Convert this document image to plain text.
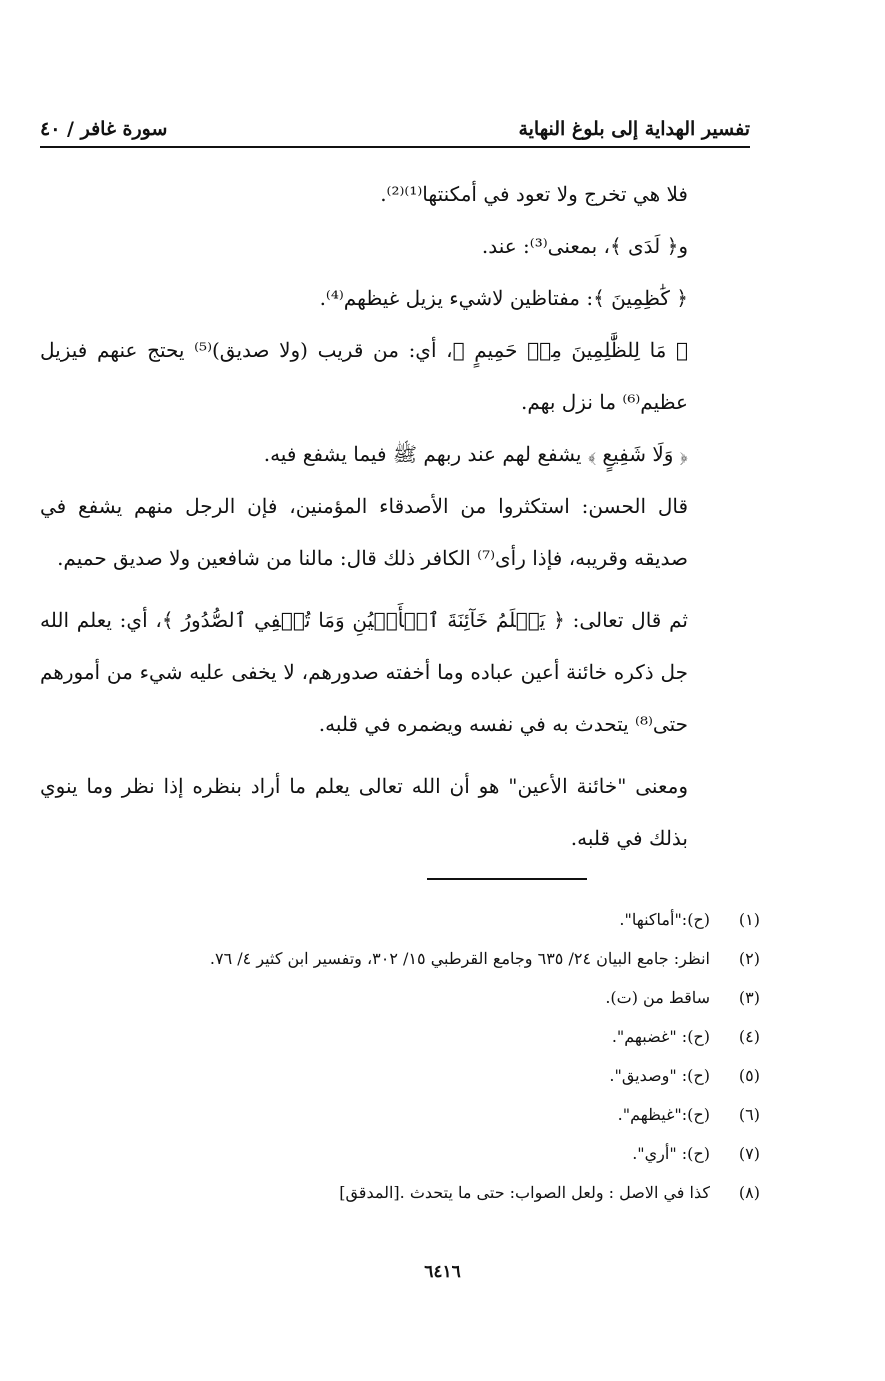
تفسير الهداية إلى بلوغ النهاية
سورة غافر / ٤٠

فلا هي تخرج ولا تعود في أمكنتها⁽¹⁾⁽²⁾.

و﴿ لَدَى ﴾، بمعنى⁽³⁾: عند.

﴿ كَٰظِمِينَ ﴾: مفتاظين لاشيء يزيل غيظهم⁽⁴⁾.

﴿ مَا لِلظَّٰلِمِينَ مِنۡ حَمِيمٍ ﴾، أي: من قريب (ولا صديق)⁽⁵⁾ يحتج عنهم فيزيل عظيم⁽⁶⁾ ما نزل بهم.

﴿ وَلَا شَفِيعٍ ﴾ يشفع لهم عند ربهم ﷺ فيما يشفع فيه.

قال الحسن: استكثروا من الأصدقاء المؤمنين، فإن الرجل منهم يشفع في صديقه وقريبه، فإذا رأى⁽⁷⁾ الكافر ذلك قال: مالنا من شافعين ولا صديق حميم.

ثم قال تعالى: ﴿ يَعۡلَمُ خَآئِنَةَ ٱلۡأَعۡيُنِ وَمَا تُخۡفِي ٱلصُّدُورُ ﴾، أي: يعلم الله جل ذكره خائنة أعين عباده وما أخفته صدورهم، لا يخفى عليه شيء من أمورهم حتى⁽⁸⁾ يتحدث به في نفسه ويضمره في قلبه.

ومعنى "خائنة الأعين" هو أن الله تعالى يعلم ما أراد بنظره إذا نظر وما ينوي بذلك في قلبه.

(١)
(ح):"أماكنها".
(٢)
انظر: جامع البيان ٢٤/ ٦٣٥ وجامع القرطبي ١٥/ ٣٠٢، وتفسير ابن كثير ٤/ ٧٦.
(٣)
ساقط من (ت).
(٤)
(ح): "غضبهم".
(٥)
(ح): "وصديق".
(٦)
(ح):"غيظهم".
(٧)
(ح): "أري".
(٨)
كذا في الاصل : ولعل الصواب: حتى ما يتحدث .[المدقق]
٦٤١٦
